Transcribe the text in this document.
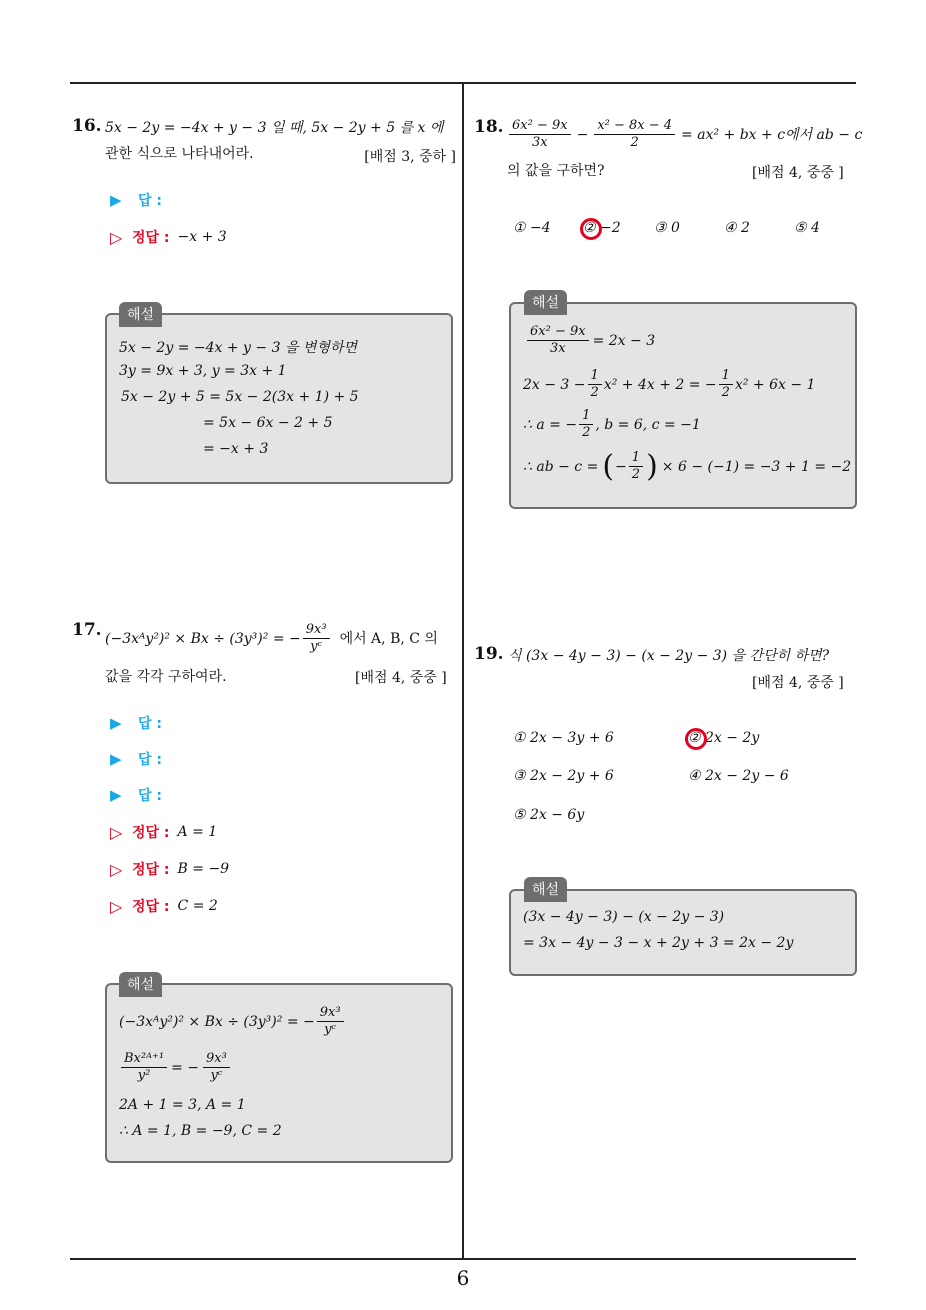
16. 5x − 2y = −4x + y − 3 일 때, 5x − 2y + 5 를 x 에
관한 식으로 나타내어라.	[배점 3, 중하 ]
▶	답 :
▷ 정답 : −x + 3
5x − 2y = −4x + y − 3 을 변형하면
3y = 9x + 3, y = 3x + 1
5x − 2y + 5 = 5x − 2(3x + 1) + 5
= 5x − 6x − 2 + 5
= −x + 3
해설
17. (−3xᴬy²)² × Bx ÷ (3y³)² = − $\frac{\text{9x³}}{\text{yᶜ}}$ 에서 A, B, C 의
값을 각각 구하여라.	[배점 4, 중중 ]
▶	답 :
▶	답 :
▶	답 :
▷ 정답 : A = 1
▷ 정답 : B = −9
▷ 정답 : C = 2
(−3xᴬy²)² × Bx ÷ (3y³)² = − $\frac{\text{9x³}}{\text{yᶜ}}$
$\frac{\text{Bx²ᴬ⁺¹}}{\text{y²}}$ = − $\frac{\text{9x³}}{\text{yᶜ}}$
2A + 1 = 3, A = 1
∴ A = 1, B = −9, C = 2
해설
18. $\frac{\text{6x² − 9x}}{3x} - \frac{\text{x² − 8x − 4}}{2} = ax^2$ + bx + c에서 ab − c
의 값을 구하면?	[배점 4, 중중 ]
① −4 ② −2 ③ 0	④ 2	⑤ 4
$\frac{\text{6x² − 9x}}{3x} = 2x - 3$
$2x - 3 - \frac{1}{2} x^2 + 4x + 2$ = − $\frac{1}{2} x^2 + 6x - 1$
∴ a = − $\frac{1}{2}$ , b = 6, c = −1
∴ ab − c = ( − $\frac{1}{2}$ ) × 6 − (−1) = −3 + 1 = −2
해설
19. 식 (3x − 4y − 3) − (x − 2y − 3) 을 간단히 하면?
[배점 4, 중중 ]
① 2x − 3y + 6	② 2x − 2y
③ 2x − 2y + 6	④ 2x − 2y − 6
⑤ 2x − 6y
(3x − 4y − 3) − (x − 2y − 3)
= 3x − 4y − 3 − x + 2y + 3 = 2x − 2y
해설
6
